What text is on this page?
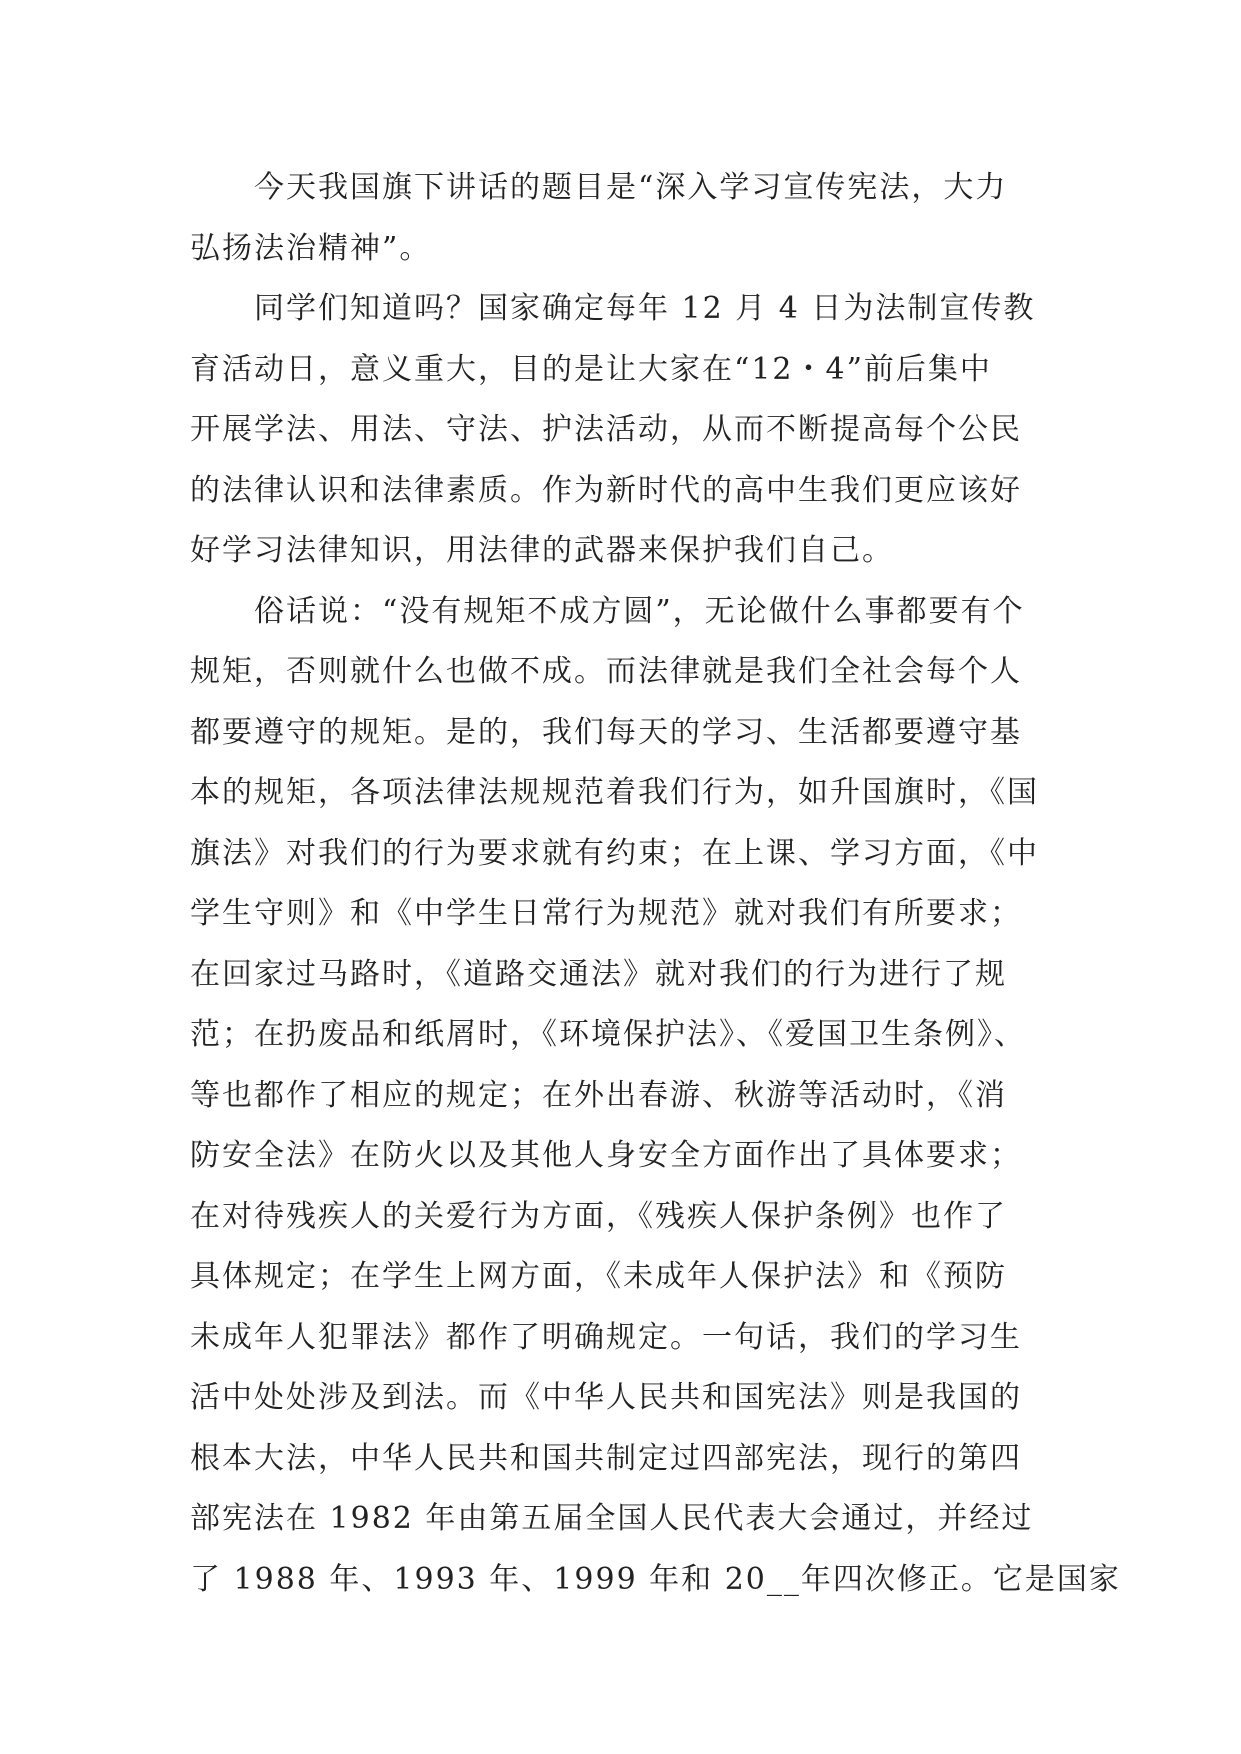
今天我国旗下讲话的题目是“深入学习宣传宪法，大力
弘扬法治精神”。
同学们知道吗？国家确定每年 12 月 4 日为法制宣传教
育活动日，意义重大，目的是让大家在“12・4”前后集中
开展学法、用法、守法、护法活动，从而不断提高每个公民
的法律认识和法律素质。作为新时代的高中生我们更应该好
好学习法律知识，用法律的武器来保护我们自己。
俗话说：“没有规矩不成方圆”，无论做什么事都要有个
规矩，否则就什么也做不成。而法律就是我们全社会每个人
都要遵守的规矩。是的，我们每天的学习、生活都要遵守基
本的规矩，各项法律法规规范着我们行为，如升国旗时，《国
旗法》对我们的行为要求就有约束；在上课、学习方面，《中
学生守则》和《中学生日常行为规范》就对我们有所要求；
在回家过马路时，《道路交通法》就对我们的行为进行了规
范；在扔废品和纸屑时，《环境保护法》、《爱国卫生条例》、
等也都作了相应的规定；在外出春游、秋游等活动时，《消
防安全法》在防火以及其他人身安全方面作出了具体要求；
在对待残疾人的关爱行为方面，《残疾人保护条例》也作了
具体规定；在学生上网方面，《未成年人保护法》和《预防
未成年人犯罪法》都作了明确规定。一句话，我们的学习生
活中处处涉及到法。而《中华人民共和国宪法》则是我国的
根本大法，中华人民共和国共制定过四部宪法，现行的第四
部宪法在 1982 年由第五届全国人民代表大会通过，并经过
了 1988 年、1993 年、1999 年和 20__年四次修正。它是国家
